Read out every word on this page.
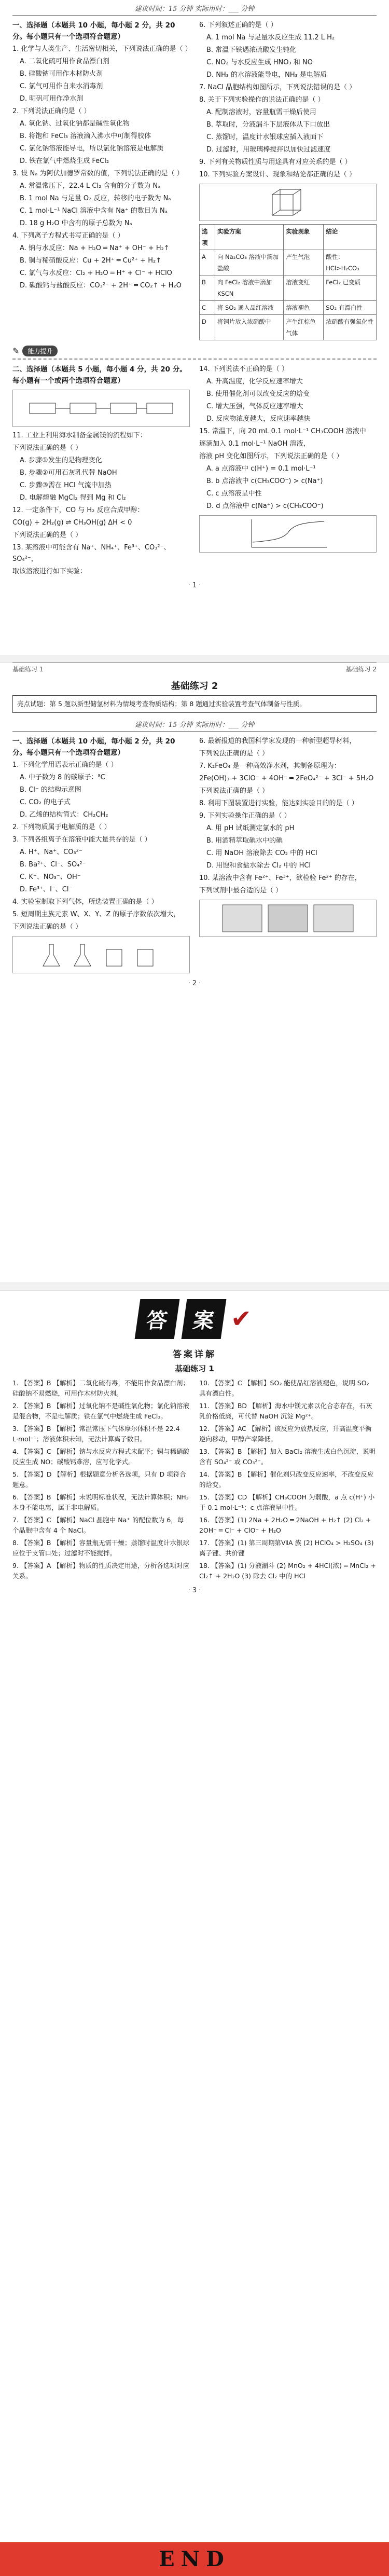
建议时间：15 分钟 实际用时：___ 分钟

一、选择题（本题共 10 小题，每小题 2 分，共 20 分。每小题只有一个选项符合题意）

1. 化学与人类生产、生活密切相关，下列说法正确的是（ ）

A. 二氧化硫可用作食品漂白剂

B. 硅酸钠可用作木材防火剂

C. 氯气可用作自来水消毒剂

D. 明矾可用作净水剂

2. 下列说法正确的是（ ）

A. 氧化钠、过氧化钠都是碱性氧化物

B. 将饱和 FeCl₃ 溶液滴入沸水中可制得胶体

C. 氯化钠溶液能导电，所以氯化钠溶液是电解质

D. 铁在氯气中燃烧生成 FeCl₂

3. 设 Nₐ 为阿伏加德罗常数的值，下列说法正确的是（ ）

A. 常温常压下，22.4 L Cl₂ 含有的分子数为 Nₐ

B. 1 mol Na 与足量 O₂ 反应，转移的电子数为 Nₐ

C. 1 mol·L⁻¹ NaCl 溶液中含有 Na⁺ 的数目为 Nₐ

D. 18 g H₂O 中含有的原子总数为 Nₐ

4. 下列离子方程式书写正确的是（ ）

A. 钠与水反应：Na + H₂O ═ Na⁺ + OH⁻ + H₂↑

B. 铜与稀硝酸反应：Cu + 2H⁺ ═ Cu²⁺ + H₂↑

C. 氯气与水反应：Cl₂ + H₂O ═ H⁺ + Cl⁻ + HClO

D. 碳酸钙与盐酸反应：CO₃²⁻ + 2H⁺ ═ CO₂↑ + H₂O

6. 下列叙述正确的是（ ）

A. 1 mol Na 与足量水反应生成 11.2 L H₂

B. 常温下铁遇浓硫酸发生钝化

C. NO₂ 与水反应生成 HNO₃ 和 NO

D. NH₃ 的水溶液能导电，NH₃ 是电解质

7. NaCl 晶胞结构如图所示，下列说法错误的是（ ）

8. 关于下列实验操作的说法正确的是（ ）

A. 配制溶液时，容量瓶需干燥后使用

B. 萃取时，分液漏斗下层液体从下口放出

C. 蒸馏时，温度计水银球应插入液面下

D. 过滤时，用玻璃棒搅拌以加快过滤速度

9. 下列有关物质性质与用途具有对应关系的是（ ）

10. 下列实验方案设计、现象和结论都正确的是（ ）

选项	实验方案	实验现象	结论
A	向 Na₂CO₃ 溶液中滴加盐酸	产生气泡	酸性：HCl>H₂CO₃
B	向 FeCl₂ 溶液中滴加 KSCN	溶液变红	FeCl₂ 已变质
C	将 SO₂ 通入品红溶液	溶液褪色	SO₂ 有漂白性
D	将铜片放入浓硝酸中	产生红棕色气体	浓硝酸有强氧化性
✎	能力提升

二、选择题（本题共 5 小题，每小题 4 分，共 20 分。每小题有一个或两个选项符合题意）

11. 工业上利用海水制备金属镁的流程如下：

下列说法正确的是（ ）

A. 步骤①发生的是物理变化

B. 步骤②可用石灰乳代替 NaOH

C. 步骤③需在 HCl 气流中加热

D. 电解熔融 MgCl₂ 得到 Mg 和 Cl₂

12. 一定条件下，CO 与 H₂ 反应合成甲醇：

CO(g) + 2H₂(g) ⇌ CH₃OH(g) ΔH < 0

下列说法正确的是（ ）

13. 某溶液中可能含有 Na⁺、NH₄⁺、Fe³⁺、CO₃²⁻、SO₄²⁻，

取该溶液进行如下实验：

14. 下列说法不正确的是（ ）

A. 升高温度，化学反应速率增大

B. 使用催化剂可以改变反应的焓变

C. 增大压强，气体反应速率增大

D. 反应物浓度越大，反应速率越快

15. 常温下，向 20 mL 0.1 mol·L⁻¹ CH₃COOH 溶液中

逐滴加入 0.1 mol·L⁻¹ NaOH 溶液，

溶液 pH 变化如图所示，下列说法正确的是（ ）

A. a 点溶液中 c(H⁺) = 0.1 mol·L⁻¹

B. b 点溶液中 c(CH₃COO⁻) > c(Na⁺)

C. c 点溶液呈中性

D. d 点溶液中 c(Na⁺) > c(CH₃COO⁻)

· 1 ·
基础练习 1	基础练习 2
基础练习 2
亮点试题：第 5 题以新型储氢材料为情境考查物质结构；第 8 题通过实验装置考查气体制备与性质。
建议时间：15 分钟 实际用时：___ 分钟

一、选择题（本题共 10 小题，每小题 2 分，共 20 分。每小题只有一个选项符合题意）

1. 下列化学用语表示正确的是（ ）

A. 中子数为 8 的碳原子：⁸C

B. Cl⁻ 的结构示意图

C. CO₂ 的电子式

D. 乙烯的结构简式：CH₂CH₂

2. 下列物质属于电解质的是（ ）

3. 下列各组离子在溶液中能大量共存的是（ ）

A. H⁺、Na⁺、CO₃²⁻

B. Ba²⁺、Cl⁻、SO₄²⁻

C. K⁺、NO₃⁻、OH⁻

D. Fe³⁺、I⁻、Cl⁻

4. 实验室制取下列气体，所选装置正确的是（ ）

5. 短周期主族元素 W、X、Y、Z 的原子序数依次增大，

下列说法正确的是（ ）

6. 最新报道的我国科学家发现的一种新型超导材料，

下列说法正确的是（ ）

7. K₂FeO₄ 是一种高效净水剂，其制备原理为：

2Fe(OH)₃ + 3ClO⁻ + 4OH⁻ ═ 2FeO₄²⁻ + 3Cl⁻ + 5H₂O

下列说法正确的是（ ）

8. 利用下图装置进行实验，能达到实验目的的是（ ）

9. 下列实验操作正确的是（ ）

A. 用 pH 试纸测定氯水的 pH

B. 用酒精萃取碘水中的碘

C. 用 NaOH 溶液除去 CO₂ 中的 HCl

D. 用饱和食盐水除去 Cl₂ 中的 HCl

10. 某溶液中含有 Fe²⁺、Fe³⁺，欲检验 Fe²⁺ 的存在，

下列试剂中最合适的是（ ）

· 2 ·
答	案 ✔
答案详解
基础练习 1
1. 【答案】B 【解析】二氧化硫有毒，不能用作食品漂白剂；硅酸钠不易燃烧，可用作木材防火剂。
2. 【答案】B 【解析】过氧化钠不是碱性氧化物；氯化钠溶液是混合物，不是电解质；铁在氯气中燃烧生成 FeCl₃。
3. 【答案】B 【解析】常温常压下气体摩尔体积不是 22.4 L·mol⁻¹；溶液体积未知，无法计算离子数目。
4. 【答案】C 【解析】钠与水反应方程式未配平；铜与稀硝酸反应生成 NO；碳酸钙难溶，应写化学式。
5. 【答案】D 【解析】根据题意分析各选项，只有 D 项符合题意。
6. 【答案】B 【解析】未说明标准状况，无法计算体积；NH₃ 本身不能电离，属于非电解质。
7. 【答案】C 【解析】NaCl 晶胞中 Na⁺ 的配位数为 6，每个晶胞中含有 4 个 NaCl。
8. 【答案】B 【解析】容量瓶无需干燥；蒸馏时温度计水银球应位于支管口处；过滤时不能搅拌。
9. 【答案】A 【解析】物质的性质决定用途，分析各选项对应关系。
10. 【答案】C 【解析】SO₂ 能使品红溶液褪色，说明 SO₂ 具有漂白性。
11. 【答案】BD 【解析】海水中镁元素以化合态存在，石灰乳价格低廉，可代替 NaOH 沉淀 Mg²⁺。
12. 【答案】AC 【解析】该反应为放热反应，升高温度平衡逆向移动，甲醇产率降低。
13. 【答案】B 【解析】加入 BaCl₂ 溶液生成白色沉淀，说明含有 SO₄²⁻ 或 CO₃²⁻。
14. 【答案】B 【解析】催化剂只改变反应速率，不改变反应的焓变。
15. 【答案】CD 【解析】CH₃COOH 为弱酸，a 点 c(H⁺) 小于 0.1 mol·L⁻¹；c 点溶液呈中性。
16. 【答案】(1) 2Na + 2H₂O ═ 2NaOH + H₂↑ (2) Cl₂ + 2OH⁻ ═ Cl⁻ + ClO⁻ + H₂O
17. 【答案】(1) 第三周期第ⅦA 族 (2) HClO₄ > H₂SO₄ (3) 离子键、共价键
18. 【答案】(1) 分液漏斗 (2) MnO₂ + 4HCl(浓) ═ MnCl₂ + Cl₂↑ + 2H₂O (3) 除去 Cl₂ 中的 HCl
· 3 ·
END
